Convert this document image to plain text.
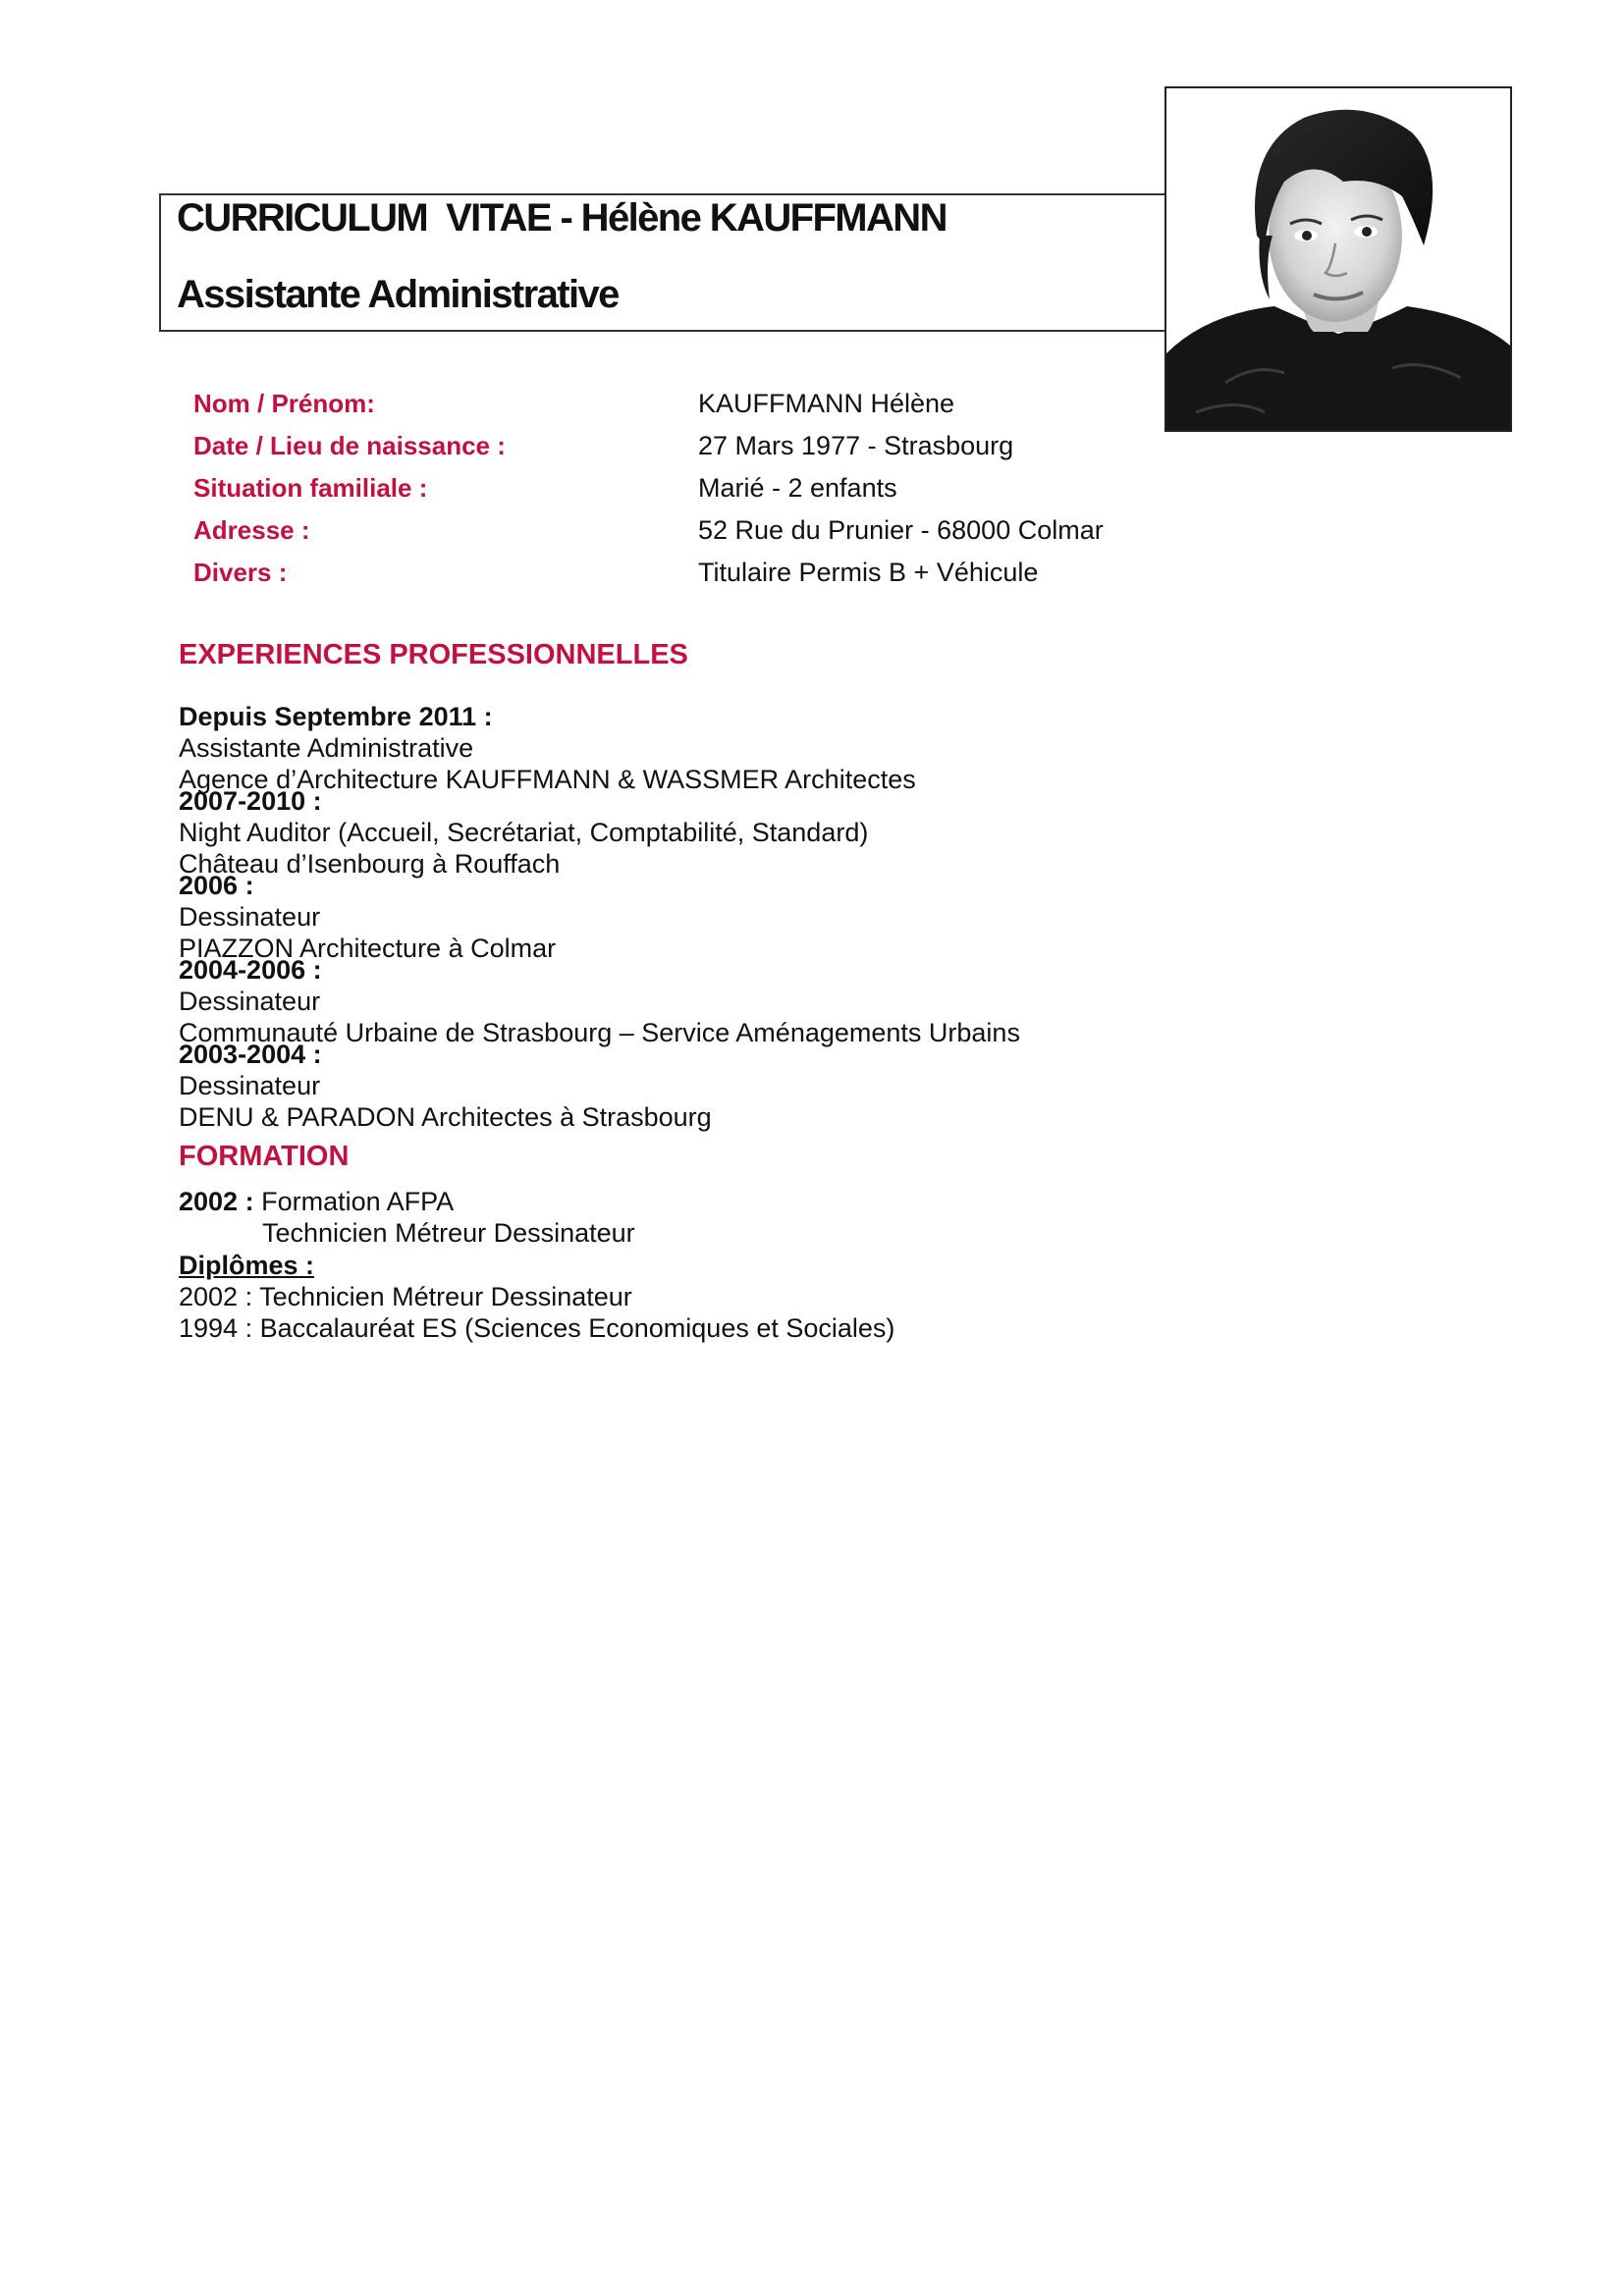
CURRICULUM  VITAE - Hélène KAUFFMANN
Assistante Administrative
Nom / Prénom:	KAUFFMANN Hélène
Date / Lieu de naissance :	27 Mars 1977 - Strasbourg
Situation familiale :	Marié - 2 enfants
Adresse :	52 Rue du Prunier - 68000 Colmar
Divers :	Titulaire Permis B + Véhicule
EXPERIENCES PROFESSIONNELLES
Depuis Septembre 2011 :
Assistante Administrative
Agence d’Architecture KAUFFMANN & WASSMER Architectes
2007-2010 :
Night Auditor (Accueil, Secrétariat, Comptabilité, Standard)
Château d’Isenbourg à Rouffach
2006 :
Dessinateur
PIAZZON Architecture à Colmar
2004-2006 :
Dessinateur
Communauté Urbaine de Strasbourg – Service Aménagements Urbains
2003-2004 :
Dessinateur
DENU & PARADON Architectes à Strasbourg
FORMATION
2002 : Formation AFPA
Technicien Métreur Dessinateur
Diplômes :
2002 : Technicien Métreur Dessinateur
1994 : Baccalauréat ES (Sciences Economiques et Sociales)
